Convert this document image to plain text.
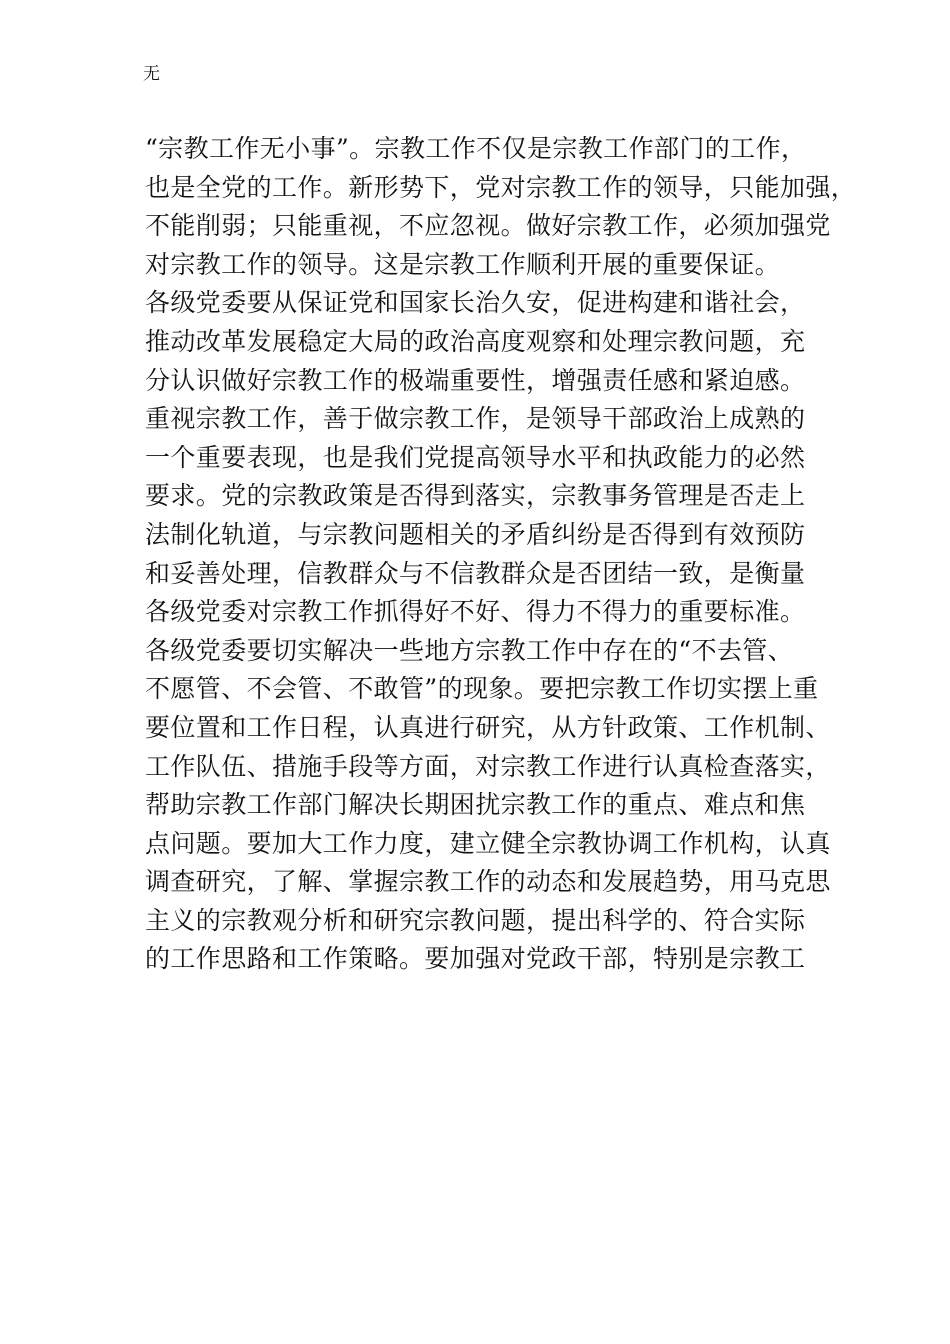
无
“宗教工作无小事”。宗教工作不仅是宗教工作部门的工作，
也是全党的工作。新形势下，党对宗教工作的领导，只能加强，
不能削弱；只能重视，不应忽视。做好宗教工作，必须加强党
对宗教工作的领导。这是宗教工作顺利开展的重要保证。
各级党委要从保证党和国家长治久安，促进构建和谐社会，
推动改革发展稳定大局的政治高度观察和处理宗教问题，充
分认识做好宗教工作的极端重要性，增强责任感和紧迫感。
重视宗教工作，善于做宗教工作，是领导干部政治上成熟的
一个重要表现，也是我们党提高领导水平和执政能力的必然
要求。党的宗教政策是否得到落实，宗教事务管理是否走上
法制化轨道，与宗教问题相关的矛盾纠纷是否得到有效预防
和妥善处理，信教群众与不信教群众是否团结一致，是衡量
各级党委对宗教工作抓得好不好、得力不得力的重要标准。
各级党委要切实解决一些地方宗教工作中存在的“不去管、
不愿管、不会管、不敢管”的现象。要把宗教工作切实摆上重
要位置和工作日程，认真进行研究，从方针政策、工作机制、
工作队伍、措施手段等方面，对宗教工作进行认真检查落实，
帮助宗教工作部门解决长期困扰宗教工作的重点、难点和焦
点问题。要加大工作力度，建立健全宗教协调工作机构，认真
调查研究，了解、掌握宗教工作的动态和发展趋势，用马克思
主义的宗教观分析和研究宗教问题，提出科学的、符合实际
的工作思路和工作策略。要加强对党政干部，特别是宗教工
